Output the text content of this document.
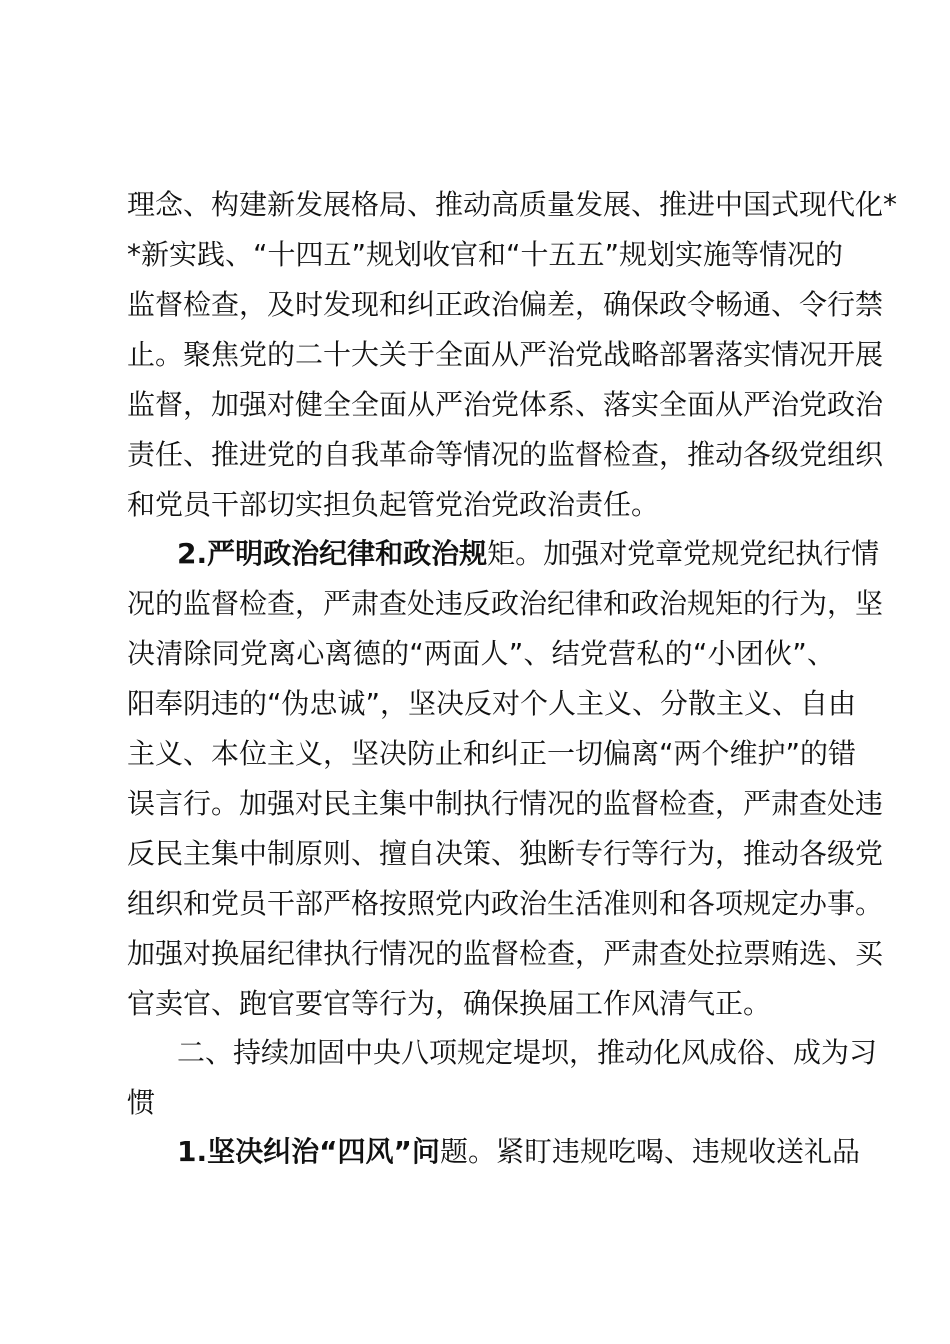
理念、构建新发展格局、推动高质量发展、推进中国式现代化*
*新实践、“十四五”规划收官和“十五五”规划实施等情况的
监督检查，及时发现和纠正政治偏差，确保政令畅通、令行禁
止。聚焦党的二十大关于全面从严治党战略部署落实情况开展
监督，加强对健全全面从严治党体系、落实全面从严治党政治
责任、推进党的自我革命等情况的监督检查，推动各级党组织
和党员干部切实担负起管党治党政治责任。
2.严明政治纪律和政治规矩。加强对党章党规党纪执行情
况的监督检查，严肃查处违反政治纪律和政治规矩的行为，坚
决清除同党离心离德的“两面人”、结党营私的“小团伙”、
阳奉阴违的“伪忠诚”，坚决反对个人主义、分散主义、自由
主义、本位主义，坚决防止和纠正一切偏离“两个维护”的错
误言行。加强对民主集中制执行情况的监督检查，严肃查处违
反民主集中制原则、擅自决策、独断专行等行为，推动各级党
组织和党员干部严格按照党内政治生活准则和各项规定办事。
加强对换届纪律执行情况的监督检查，严肃查处拉票贿选、买
官卖官、跑官要官等行为，确保换届工作风清气正。
二、持续加固中央八项规定堤坝，推动化风成俗、成为习
惯
1.坚决纠治“四风”问题。紧盯违规吃喝、违规收送礼品
